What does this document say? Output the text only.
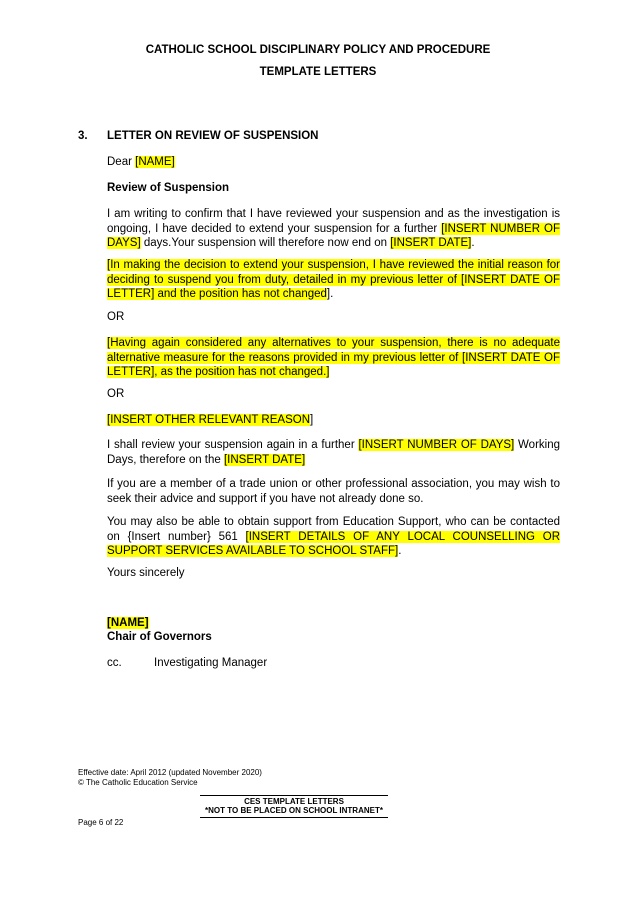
CATHOLIC SCHOOL DISCIPLINARY POLICY AND PROCEDURE
TEMPLATE LETTERS
3. LETTER ON REVIEW OF SUSPENSION
Dear [NAME]
Review of Suspension
I am writing to confirm that I have reviewed your suspension and as the investigation is ongoing, I have decided to extend your suspension for a further [INSERT NUMBER OF DAYS] days.Your suspension will therefore now end on [INSERT DATE].
[In making the decision to extend your suspension, I have reviewed the initial reason for deciding to suspend you from duty, detailed in my previous letter of [INSERT DATE OF LETTER] and the position has not changed].
OR
[Having again considered any alternatives to your suspension, there is no adequate alternative measure for the reasons provided in my previous letter of [INSERT DATE OF LETTER], as the position has not changed.]
OR
[INSERT OTHER RELEVANT REASON]
I shall review your suspension again in a further [INSERT NUMBER OF DAYS] Working Days, therefore on the [INSERT DATE]
If you are a member of a trade union or other professional association, you may wish to seek their advice and support if you have not already done so.
You may also be able to obtain support from Education Support, who can be contacted on {Insert number} 561 [INSERT DETAILS OF ANY LOCAL COUNSELLING OR SUPPORT SERVICES AVAILABLE TO SCHOOL STAFF].
Yours sincerely
[NAME]
Chair of Governors
cc.	Investigating Manager
Effective date: April 2012 (updated November 2020)
© The Catholic Education Service
CES TEMPLATE LETTERS
*NOT TO BE PLACED ON SCHOOL INTRANET*
Page 6 of 22
